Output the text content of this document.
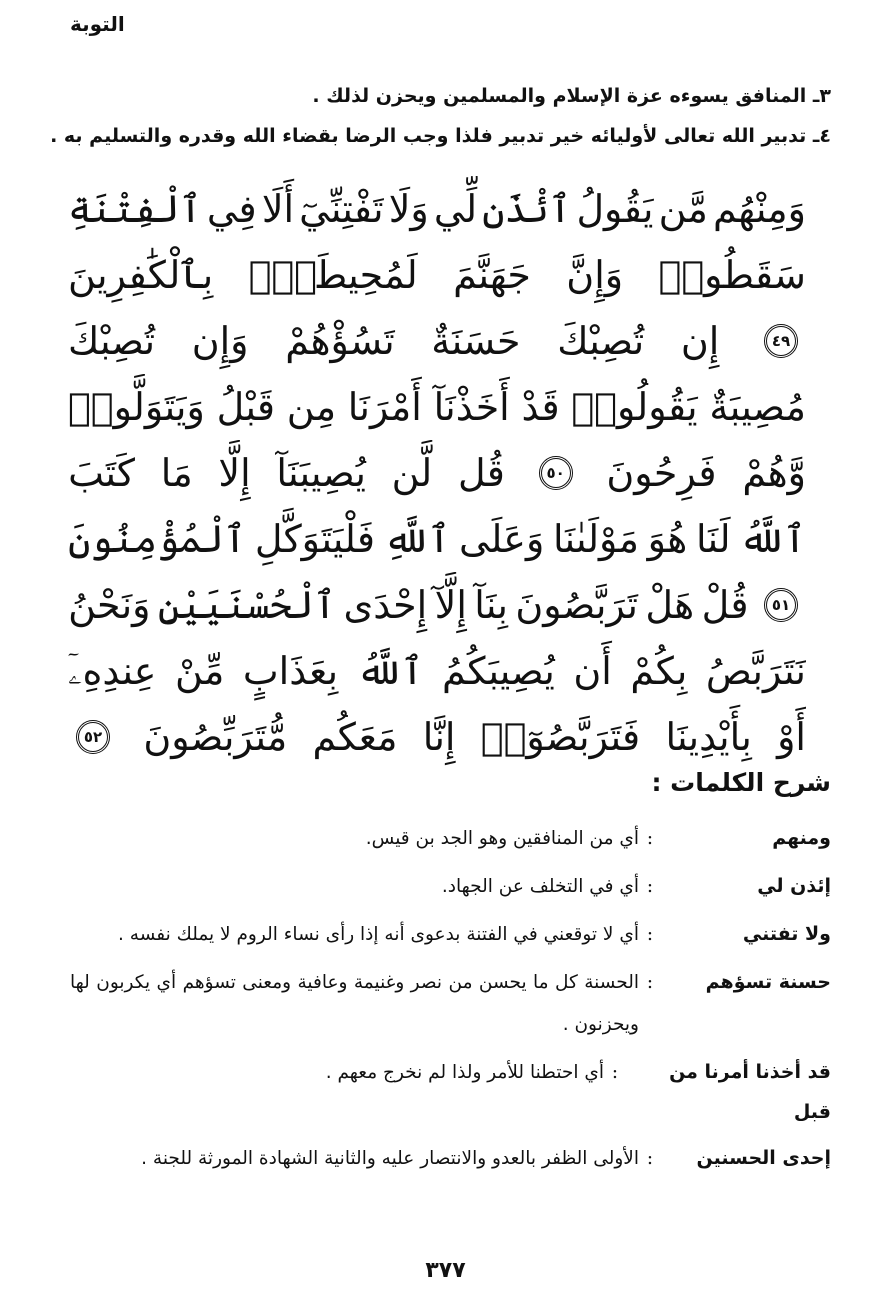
التوبة
٣ـ المنافق يسوءه عزة الإسلام والمسلمين ويحزن لذلك .
٤ـ تدبير الله تعالى لأوليائه خير تدبير فلذا وجب الرضا بقضاء الله وقدره والتسليم به .
وَمِنْهُم
مَّن
يَقُولُ
ٱئْذَن
لِّي
وَلَا
تَفْتِنِّيٓ
أَلَا
فِي
ٱلْفِتْنَةِ
سَقَطُوا۟
وَإِنَّ
جَهَنَّمَ
لَمُحِيطَةٌۢ
بِٱلْكَٰفِرِينَ
٤٩
إِن
تُصِبْكَ
حَسَنَةٌ
تَسُؤْهُمْ
وَإِن
تُصِبْكَ
مُصِيبَةٌ
يَقُولُوا۟
قَدْ
أَخَذْنَآ
أَمْرَنَا
مِن
قَبْلُ
وَيَتَوَلَّوا۟
وَّهُمْ
فَرِحُونَ
٥٠
قُل
لَّن
يُصِيبَنَآ
إِلَّا
مَا
كَتَبَ
ٱللَّهُ
لَنَا
هُوَ
مَوْلَىٰنَا
وَعَلَى
ٱللَّهِ
فَلْيَتَوَكَّلِ
ٱلْمُؤْمِنُونَ
٥١
قُلْ
هَلْ
تَرَبَّصُونَ
بِنَآ
إِلَّآ
إِحْدَى
ٱلْحُسْنَيَيْنِ
وَنَحْنُ
نَتَرَبَّصُ
بِكُمْ
أَن
يُصِيبَكُمُ
ٱللَّهُ
بِعَذَابٍ
مِّنْ
عِندِهِۦٓ
أَوْ
بِأَيْدِينَا
فَتَرَبَّصُوٓا۟
إِنَّا
مَعَكُم
مُّتَرَبِّصُونَ
٥٢
شرح الكلمات :
ومنهم
:
أي من المنافقين وهو الجد بن قيس.
إئذن لي
:
أي في التخلف عن الجهاد.
ولا تفتني
:
أي لا توقعني في الفتنة بدعوى أنه إذا رأى نساء الروم لا يملك نفسه .
حسنة تسؤهم
:
الحسنة كل ما يحسن من نصر وغنيمة وعافية ومعنى تسؤهم أي يكربون لها ويحزنون .
قد أخذنا أمرنا من قبل
:
أي احتطنا للأمر ولذا لم نخرج معهم .
إحدى الحسنين
:
الأولى الظفر بالعدو والانتصار عليه والثانية الشهادة المورثة للجنة .
٣٧٧
